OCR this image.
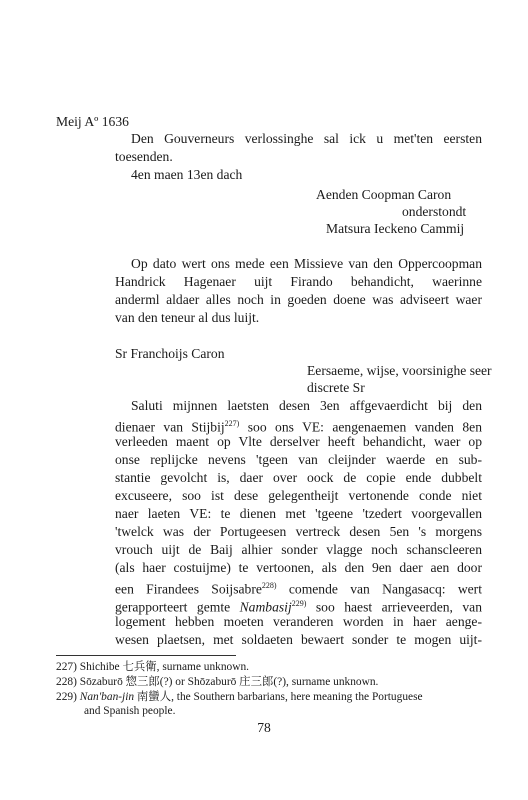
Meij Aº 1636
Den Gouverneurs verlossinghe sal ick u met'ten eersten
toesenden.
4en maen 13en dach
Aenden Coopman Caron
onderstondt
Matsura Ieckeno Cammij
Op dato wert ons mede een Missieve van den Oppercoopman
Handrick Hagenaer uijt Firando behandicht, waerinne
anderml aldaer alles noch in goeden doene was adviseert waer
van den teneur al dus luijt.
Sr Franchoijs Caron
Eersaeme, wijse, voorsinighe seer
discrete Sr
Saluti mijnnen laetsten desen 3en affgevaerdicht bij den
dienaer van Stijbij$^{227)}$ soo ons VE: aengenaemen vanden 8en
verleeden maent op Vlte derselver heeft behandicht, waer op
onse replijcke nevens 'tgeen van cleijnder waerde en sub-
stantie gevolcht is, daer over oock de copie ende dubbelt
excuseere, soo ist dese gelegentheijt vertonende conde niet
naer laeten VE: te dienen met 'tgeene 'tzedert voorgevallen
'twelck was der Portugeesen vertreck desen 5en 's morgens
vrouch uijt de Baij alhier sonder vlagge noch schanscleeren
(als haer costuijme) te vertoonen, als den 9en daer aen door
een Firandees Soijsabre$^{228)}$ comende van Nangasacq: wert
gerapporteert gemte Nambasij$^{229)}$ soo haest arrieveerden, van
logement hebben moeten veranderen worden in haer aenge-
wesen plaetsen, met soldaeten bewaert sonder te mogen uijt-
227) Shichibe 七兵衛, surname unknown.
228) Sōzaburō 惣三郎(?) or Shōzaburō 庄三郎(?), surname unknown.
229) Nan'ban-jin 南蠻人, the Southern barbarians, here meaning the Portuguese
and Spanish people.
78
